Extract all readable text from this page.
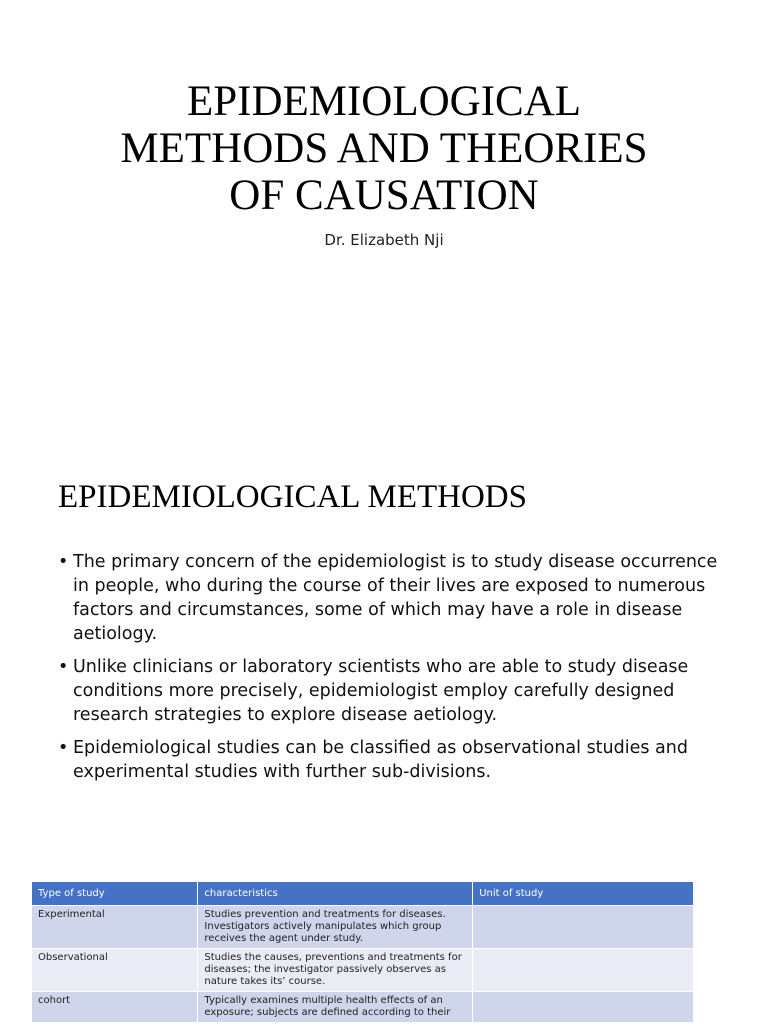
EPIDEMIOLOGICAL
METHODS AND THEORIES
OF CAUSATION
Dr. Elizabeth Nji
EPIDEMIOLOGICAL METHODS
• The primary concern of the epidemiologist is to study disease occurrence in people, who during the course of their lives are exposed to numerous factors and circumstances, some of which may have a role in disease aetiology.
• Unlike clinicians or laboratory scientists who are able to study disease conditions more precisely, epidemiologist employ carefully designed research strategies to explore disease aetiology.
• Epidemiological studies can be classified as observational studies and experimental studies with further sub-divisions.
Type of study	characteristics	Unit of study
Experimental	Studies prevention and treatments for diseases. Investigators actively manipulates which group receives the agent under study.	
Observational	Studies the causes, preventions and treatments for diseases; the investigator passively observes as nature takes its’ course.	
cohort	Typically examines multiple health effects of an exposure; subjects are defined according to their	
